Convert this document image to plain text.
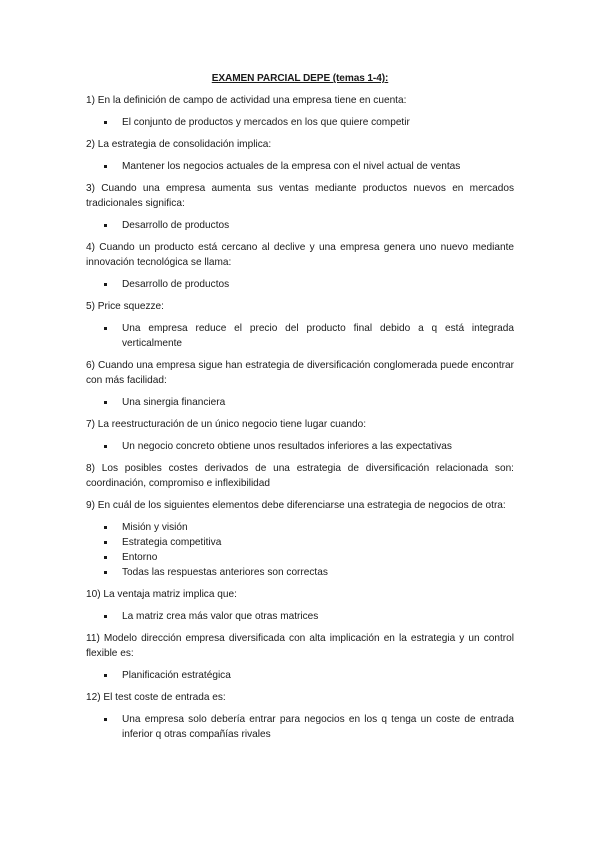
EXAMEN PARCIAL DEPE (temas 1-4):
1) En la definición de campo de actividad una empresa tiene en cuenta:
El conjunto de productos y mercados en los que quiere competir
2) La estrategia de consolidación implica:
Mantener los negocios actuales de la empresa con el nivel actual de ventas
3) Cuando una empresa aumenta sus ventas mediante productos nuevos en mercados tradicionales significa:
Desarrollo de productos
4) Cuando un producto está cercano al declive y una empresa genera uno nuevo mediante innovación tecnológica se llama:
Desarrollo de productos
5) Price squezze:
Una empresa reduce el precio del producto final debido a q está integrada verticalmente
6) Cuando una empresa sigue han estrategia de diversificación conglomerada puede encontrar con más facilidad:
Una sinergia financiera
7) La reestructuración de un único negocio tiene lugar cuando:
Un negocio concreto obtiene unos resultados inferiores a las expectativas
8) Los posibles costes derivados de una estrategia de diversificación relacionada son: coordinación, compromiso e inflexibilidad
9) En cuál de los siguientes elementos debe diferenciarse una estrategia de negocios de otra:
Misión y visión
Estrategia competitiva
Entorno
Todas las respuestas anteriores son correctas
10) La ventaja matriz implica que:
La matriz crea más valor que otras matrices
11) Modelo dirección empresa diversificada con alta implicación en la estrategia y un control flexible es:
Planificación estratégica
12) El test coste de entrada es:
Una empresa solo debería entrar para negocios en los q tenga un coste de entrada inferior q otras compañías rivales
